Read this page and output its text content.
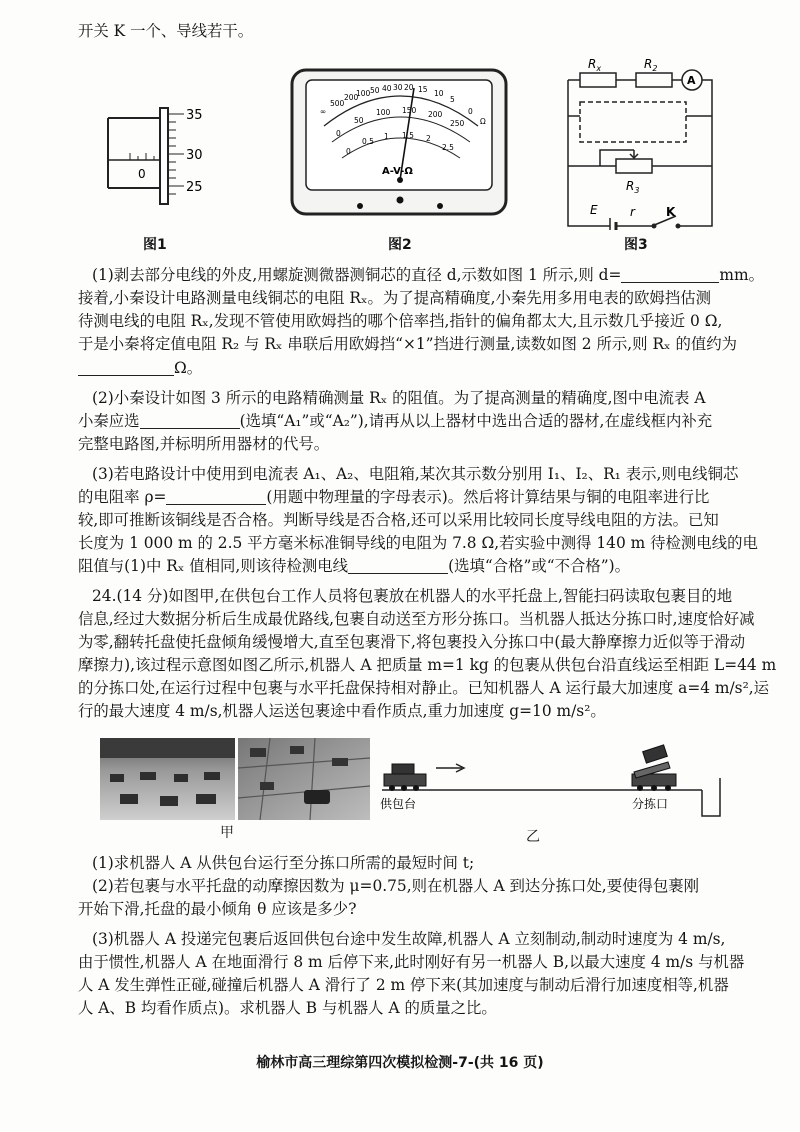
开关 K 一个、导线若干。
35
30
25
0
图1
∞
500
200
100 50 40 30 20 15 10
5
0
Ω
0
50
100 150 200
250
0
0.5
1 1.5 2
2.5
A-V-Ω
图2
$R_x$	$R_2$
A
$R_3$
E	r	K
图3
(1)剥去部分电线的外皮,用螺旋测微器测铜芯的直径 d,示数如图 1 所示,则 d=	mm。
接着,小秦设计电路测量电线铜芯的电阻 Rₓ。为了提高精确度,小秦先用多用电表的欧姆挡估测
待测电线的电阻 Rₓ,发现不管使用欧姆挡的哪个倍率挡,指针的偏角都太大,且示数几乎接近 0 Ω,
于是小秦将定值电阻 R₂ 与 Rₓ 串联后用欧姆挡“×1”挡进行测量,读数如图 2 所示,则 Rₓ 的值约为
Ω。
(2)小秦设计如图 3 所示的电路精确测量 Rₓ 的阻值。为了提高测量的精确度,图中电流表 A
小秦应选	(选填“A₁”或“A₂”),请再从以上器材中选出合适的器材,在虚线框内补充
完整电路图,并标明所用器材的代号。
(3)若电路设计中使用到电流表 A₁、A₂、电阻箱,某次其示数分别用 I₁、I₂、R₁ 表示,则电线铜芯
的电阻率 ρ=	(用题中物理量的字母表示)。然后将计算结果与铜的电阻率进行比
较,即可推断该铜线是否合格。判断导线是否合格,还可以采用比较同长度导线电阻的方法。已知
长度为 1 000 m 的 2.5 平方毫米标准铜导线的电阻为 7.8 Ω,若实验中测得 140 m 待检测电线的电
阻值与(1)中 Rₓ 值相同,则该待检测电线	(选填“合格”或“不合格”)。
24.(14 分)如图甲,在供包台工作人员将包裹放在机器人的水平托盘上,智能扫码读取包裹目的地
信息,经过大数据分析后生成最优路线,包裹自动送至方形分拣口。当机器人抵达分拣口时,速度恰好减
为零,翻转托盘使托盘倾角缓慢增大,直至包裹滑下,将包裹投入分拣口中(最大静摩擦力近似等于滑动
摩擦力),该过程示意图如图乙所示,机器人 A 把质量 m=1 kg 的包裹从供包台沿直线运至相距 L=44 m
的分拣口处,在运行过程中包裹与水平托盘保持相对静止。已知机器人 A 运行最大加速度 a=4 m/s²,运
行的最大速度 4 m/s,机器人运送包裹途中看作质点,重力加速度 g=10 m/s²。
甲
供包台	分拣口
乙
(1)求机器人 A 从供包台运行至分拣口所需的最短时间 t;
(2)若包裹与水平托盘的动摩擦因数为 μ=0.75,则在机器人 A 到达分拣口处,要使得包裹刚
开始下滑,托盘的最小倾角 θ 应该是多少?
(3)机器人 A 投递完包裹后返回供包台途中发生故障,机器人 A 立刻制动,制动时速度为 4 m/s,
由于惯性,机器人 A 在地面滑行 8 m 后停下来,此时刚好有另一机器人 B,以最大速度 4 m/s 与机器
人 A 发生弹性正碰,碰撞后机器人 A 滑行了 2 m 停下来(其加速度与制动后滑行加速度相等,机器
人 A、B 均看作质点)。求机器人 B 与机器人 A 的质量之比。
榆林市高三理综第四次模拟检测-7-(共 16 页)
